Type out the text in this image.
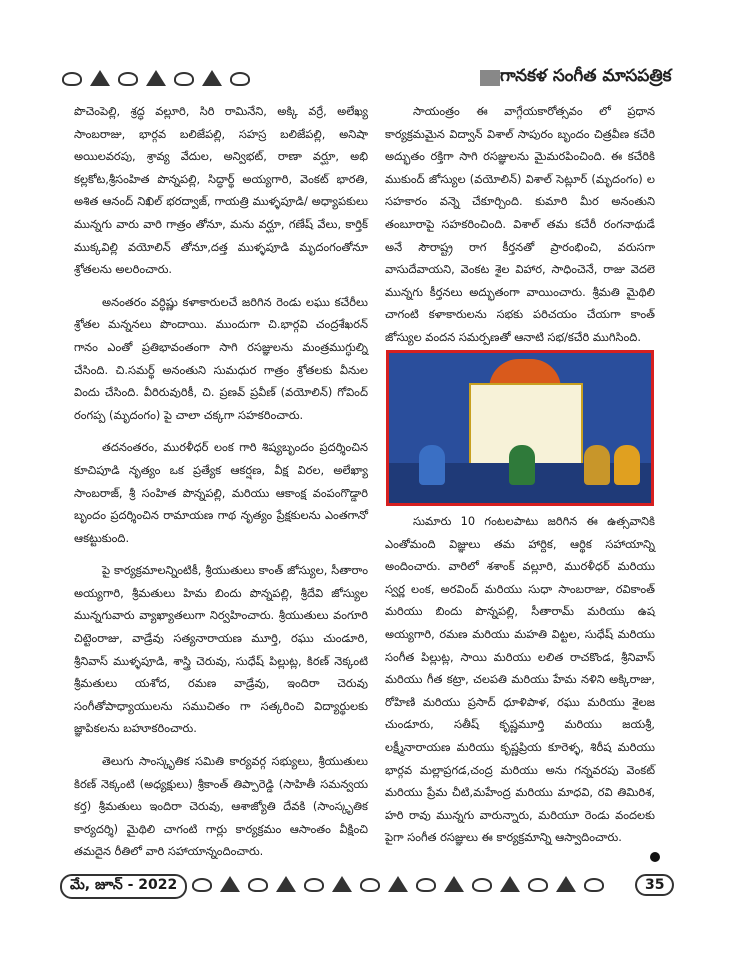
గానకళ సంగీత మాసపత్రిక

పొచెంపెల్లి, శ్రద్ధ వల్లూరి, సిరి రామినేని, అక్కి వర్రే, అలేఖ్య సాంబరాజు, భార్గవ బలిజేపల్లి, సహస్ర బలిజేపల్లి, అనిషా అయిలవరపు, శ్రావ్య వేదుల, అన్విభట్, రాణా వర్ఘూ, అభి కల్లకోట,శ్రీసంహిత పొన్నపల్లి, సిద్ధార్థ్ అయ్యగారి, వెంకట్ భారతి, అశిత ఆనంద్ నిఖిల్ భరద్వాజ్, గాయత్రి ముళ్ళపూడి/ అధ్యాపకులు మున్నగు వారు వారి గాత్రం తోనూ, మను వర్ఘూ, గణేష్ వేలు, కార్తిక్ ముక్కవిల్లి వయోలిన్ తోనూ,దత్త ముళ్ళపూడి మృదంగంతోనూ శ్రోతలను అలరించారు.

అనంతరం వర్ధిష్ణు కళాకారులచే జరిగిన రెండు లఘు కచేరీలు శ్రోతల మన్ననలు పొందాయి. ముందుగా చి.భార్గవి చంద్రశేఖరన్ గానం ఎంతో ప్రతిభావంతంగా సాగి రసజ్ఞులను మంత్రముగ్ధుల్ని చేసింది. చి.సమర్థ్ అనంతుని సుమధుర గాత్రం శ్రోతలకు వీనుల విందు చేసింది. వీరిరువురికీ, చి. ప్రణవ్ ప్రవీణ్ (వయోలిన్) గోవింద్ రంగప్ప (మృదంగం) పై చాలా చక్కగా సహకరించారు.

తదనంతరం, మురళీధర్ లంక గారి శిష్యబృందం ప్రదర్శించిన కూచిపూడి నృత్యం ఒక ప్రత్యేక ఆకర్షణ, వీక్ష విరల, అలేఖ్యా సాంబరాజ్, శ్రీ సంహిత పొన్నపల్లి, మరియు ఆకాంక్ష వంపంగొడ్డారి బృందం ప్రదర్శించిన రామాయణ గాథ నృత్యం ప్రేక్షకులను ఎంతగానో ఆకట్టుకుంది.

పై కార్యక్రమాలన్నింటికీ, శ్రీయుతులు కాంత్ జోస్యుల, సీతారాం అయ్యగారి, శ్రీమతులు హిమ బిందు పొన్నపల్లి, శ్రీదేవి జోస్యుల మున్నగువారు వ్యాఖ్యాతలుగా నిర్వహించారు. శ్రీయుతులు వంగూరి చిట్టెంరాజు, వాడ్రేవు సత్యనారాయణ మూర్తి, రఘు చుండూరి, శ్రీనివాస్ ముళ్ళపూడి, శాస్త్రి చెరువు, సుధేష్ పిల్లుట్ల, కిరణ్ నెక్కంటి శ్రీమతులు యశోద, రమణ వాడ్రేవు, ఇందిరా చెరువు సంగీతోపాధ్యాయులను సముచితం గా సత్కరించి విద్యార్థులకు జ్ఞాపికలను బహూకరించారు.

తెలుగు సాంస్కృతిక సమితి కార్యవర్గ సభ్యులు, శ్రీయుతులు కిరణ్ నెక్కంటి (అధ్యక్షులు) శ్రీకాంత్ తిప్పారెడ్డి (సాహితీ సమన్వయ కర్త) శ్రీమతులు ఇందిరా చెరువు, ఆశాజ్యోతి దేవకి (సాంస్కృతిక కార్యదర్శి) మైథిలి చాగంటి గార్లు కార్యక్రమం ఆసాంతం వీక్షించి తమదైన రీతిలో వారి సహాయాన్నందించారు.

సాయంత్రం ఈ వాగ్గేయకారోత్సవం లో ప్రధాన కార్యక్రమమైన విద్వాన్ విశాల్ సాపురం బృందం చిత్రవీణ కచేరి అద్భుతం రక్తిగా సాగి రసజ్ఞులను మైమరపించింది. ఈ కచేరికి ముకుంద్ జోస్యుల (వయోలిన్) విశాల్ సెట్లూర్ (మృదంగం) ల సహకారం వన్నె చేకూర్చింది. కుమారి మీర అనంతుని తంబూరాపై సహకరించింది. విశాల్ తమ కచేరీ రంగనాథుడే అనే సౌరాష్ట్ర రాగ కీర్తనతో ప్రారంభించి, వరుసగా వాసుదేవాయని, వెంకట శైల విహార, సాధించెనే, రాజు వెదలె మున్నగు కీర్తనలు అద్భుతంగా వాయించారు. శ్రీమతి మైథిలి చాగంటి కళాకారులను సభకు పరిచయం చేయగా కాంత్ జోస్యుల వందన సమర్పణతో ఆనాటి సభ/కచేరి ముగిసింది.

సుమారు 10 గంటలపాటు జరిగిన ఈ ఉత్సవానికి ఎంతోమంది విజ్ఞులు తమ హార్దిక, ఆర్థిక సహాయాన్ని అందించారు. వారిలో శశాంక్ వల్లూరి, మురళీధర్ మరియు స్వర్ణ లంక, అరవింద్ మరియు సుధా సాంబరాజు, రవికాంత్ మరియు బిందు పొన్నపల్లి, సీతారామ్ మరియు ఉష అయ్యగారి, రమణ మరియు మహతి విట్టల, సుధేష్ మరియు సంగీత పిల్లుట్ల, సాయి మరియు లలిత రాచకొండ, శ్రీనివాస్ మరియు గీత కట్రా, చలపతి మరియు హేమ నళిని అక్కిరాజు, రోహిణి మరియు ప్రసాద్ ధూళిపాళ, రఘు మరియు శైలజ చుండూరు, సతీష్ కృష్ణమూర్తి మరియు జయశ్రీ, లక్ష్మీనారాయణ మరియు కృష్ణప్రియ కూరెళ్ళ, శిరీష మరియు భార్గవ మల్లాప్రగడ,చంద్ర మరియు అను గన్నవరపు వెంకట్ మరియు ప్రేమ చీటి,మహేంద్ర మరియు మాధవి, రవి తిమిరిశ, హరి రావు మున్నగు వారున్నారు, మరియూ రెండు వందలకు పైగా సంగీత రసజ్ఞులు ఈ కార్యక్రమాన్ని ఆస్వాదించారు.

మే, జూన్ - 2022	35
